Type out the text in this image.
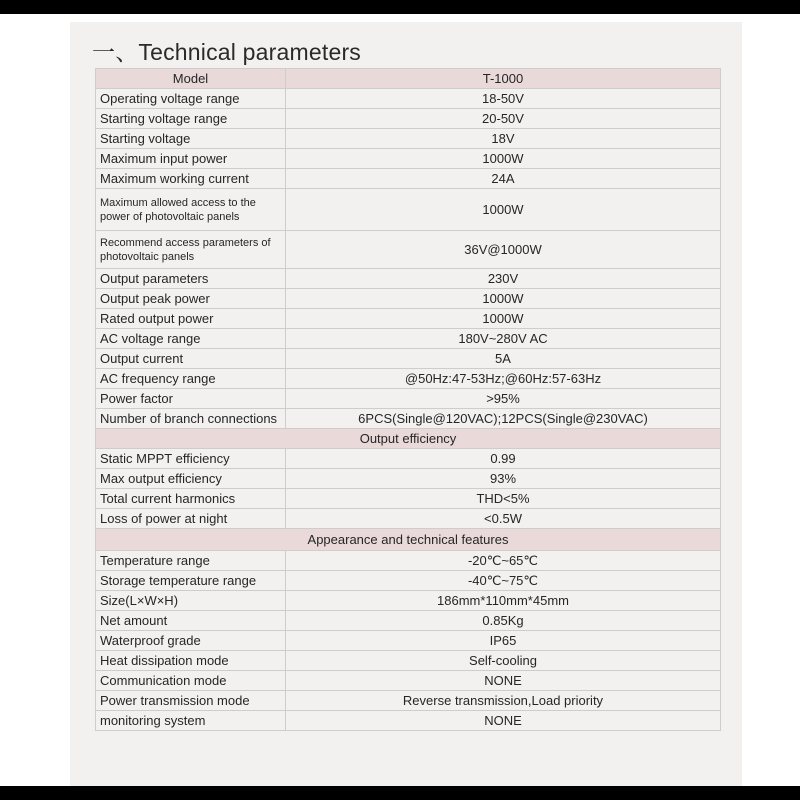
一、Technical parameters
Model	T-1000
Operating voltage range	18-50V
Starting voltage range	20-50V
Starting voltage	18V
Maximum input power	1000W
Maximum working current	24A
Maximum allowed access to the power of photovoltaic panels	1000W
Recommend access parameters of photovoltaic panels	36V@1000W
Output parameters	230V
Output peak power	1000W
Rated output power	1000W
AC voltage range	180V~280V AC
Output current	5A
AC frequency range	@50Hz:47-53Hz;@60Hz:57-63Hz
Power factor	>95%
Number of branch connections	6PCS(Single@120VAC);12PCS(Single@230VAC)
Output efficiency	
Static MPPT efficiency	0.99
Max output efficiency	93%
Total current harmonics	THD<5%
Loss of power at night	<0.5W
Appearance and technical features	
Temperature range	-20℃~65℃
Storage temperature range	-40℃~75℃
Size(L×W×H)	186mm*110mm*45mm
Net amount	0.85Kg
Waterproof grade	IP65
Heat dissipation mode	Self-cooling
Communication mode	NONE
Power transmission mode	Reverse transmission,Load priority
monitoring system	NONE
